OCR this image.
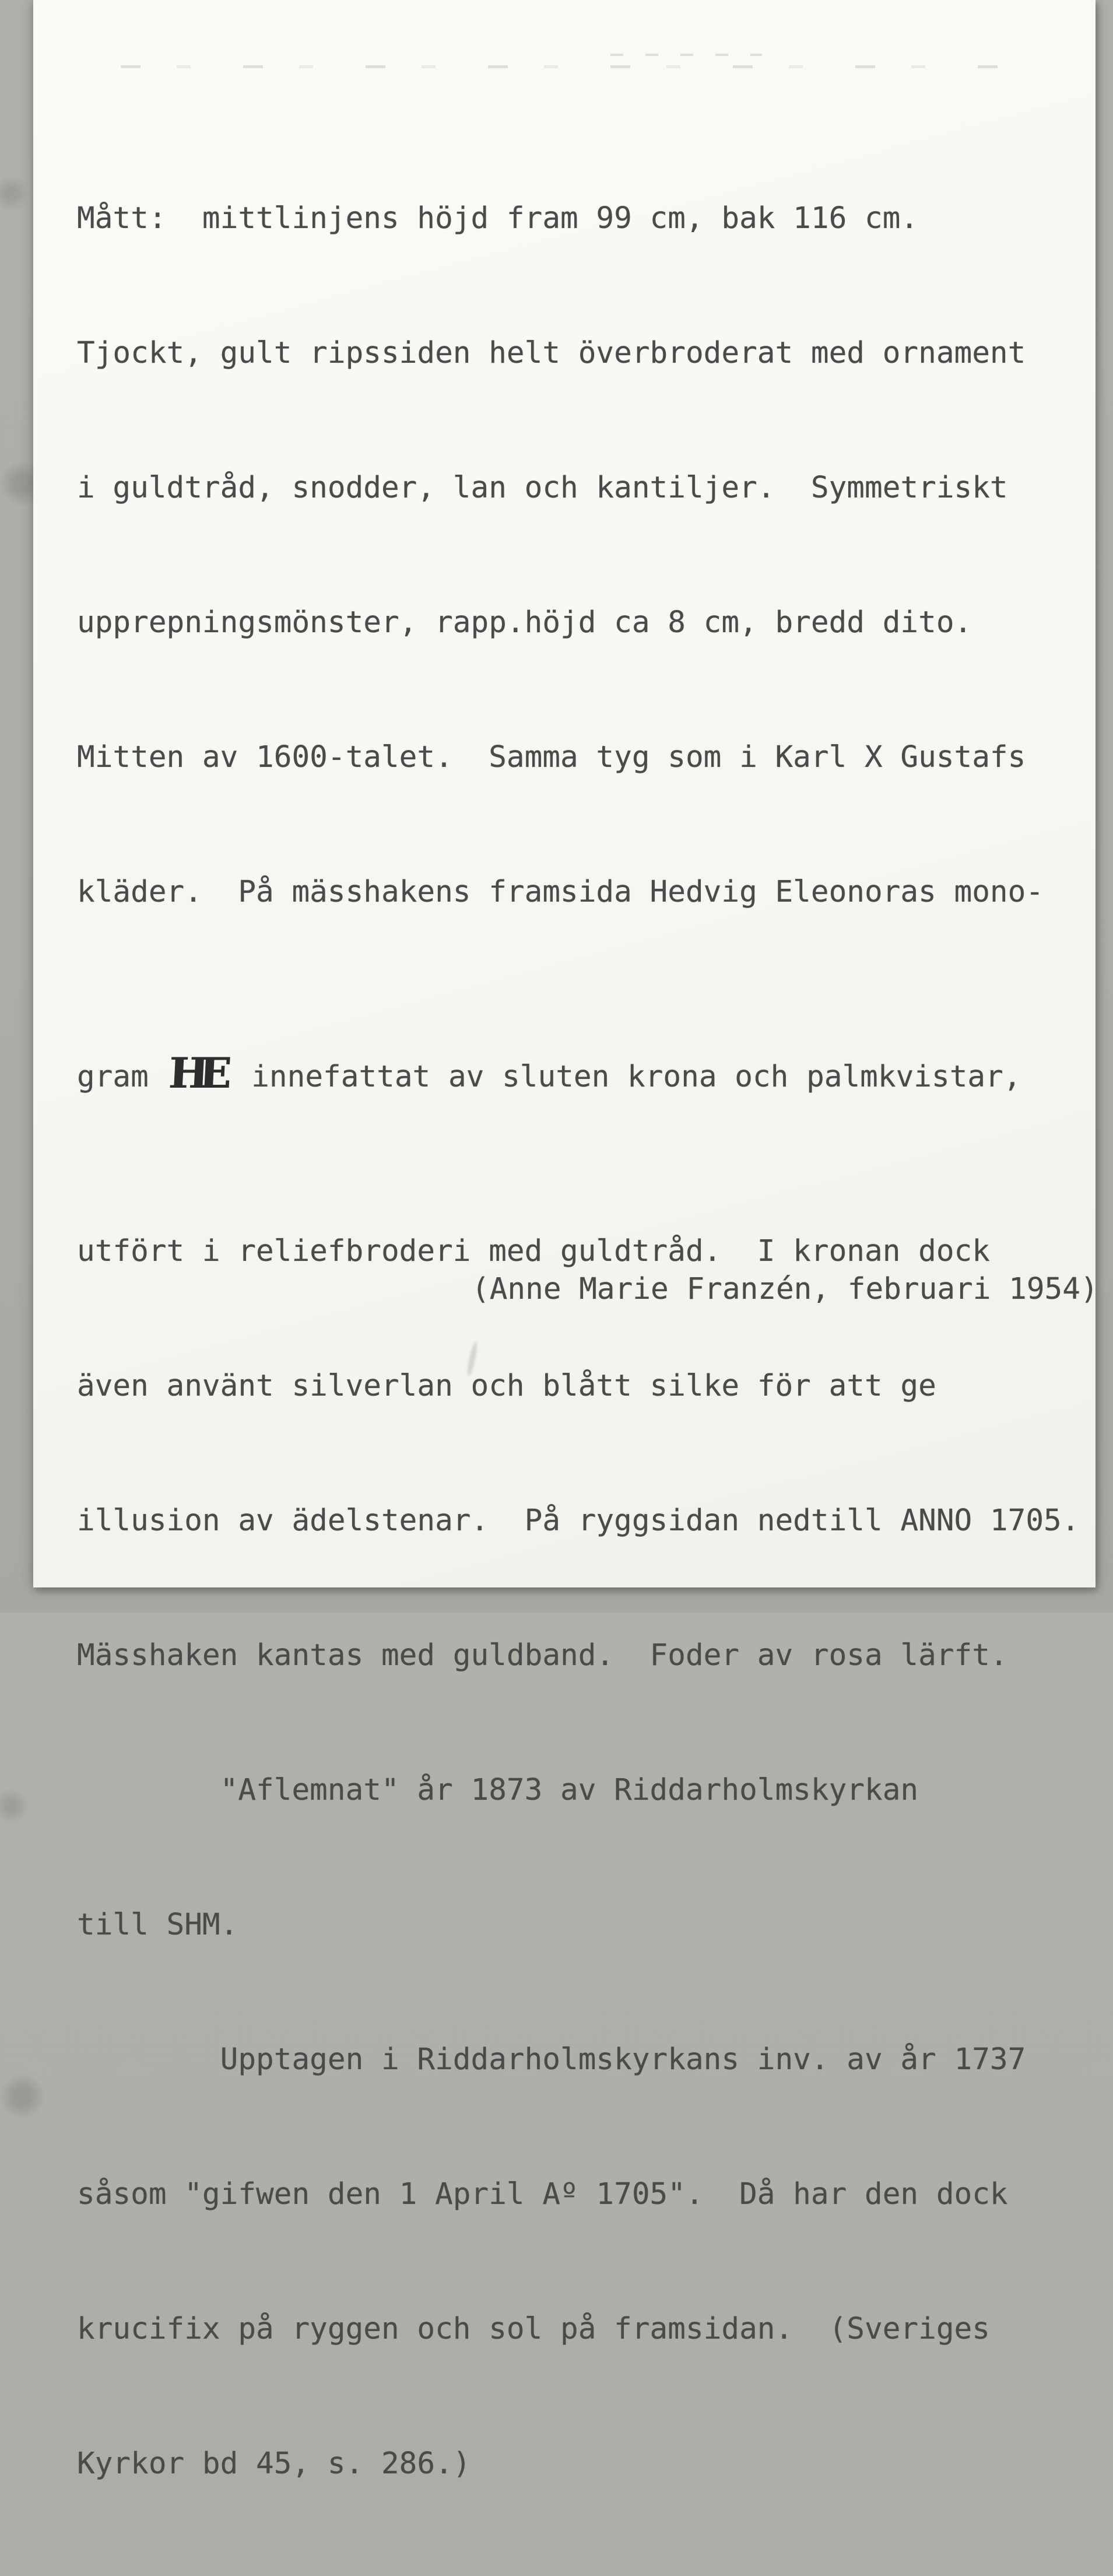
Mått:  mittlinjens höjd fram 99 cm, bak 116 cm.

Tjockt, gult ripssiden helt överbroderat med ornament

i guldtråd, snodder, lan och kantiljer.  Symmetriskt

upprepningsmönster, rapp.höjd ca 8 cm, bredd dito.

Mitten av 1600-talet.  Samma tyg som i Karl X Gustafs

kläder.  På mässhakens framsida Hedvig Eleonoras mono-

gram HE innefattat av sluten krona och palmkvistar,

utfört i reliefbroderi med guldtråd.  I kronan dock

även använt silverlan och blått silke för att ge

illusion av ädelstenar.  På ryggsidan nedtill ANNO 1705.

Mässhaken kantas med guldband.  Foder av rosa lärft.

"Aflemnat" år 1873 av Riddarholmskyrkan

till SHM.

Upptagen i Riddarholmskyrkans inv. av år 1737

såsom "gifwen den 1 April Aº 1705".  Då har den dock

krucifix på ryggen och sol på framsidan.  (Sveriges

Kyrkor bd 45, s. 286.)

(Anne Marie Franzén, februari 1954)
